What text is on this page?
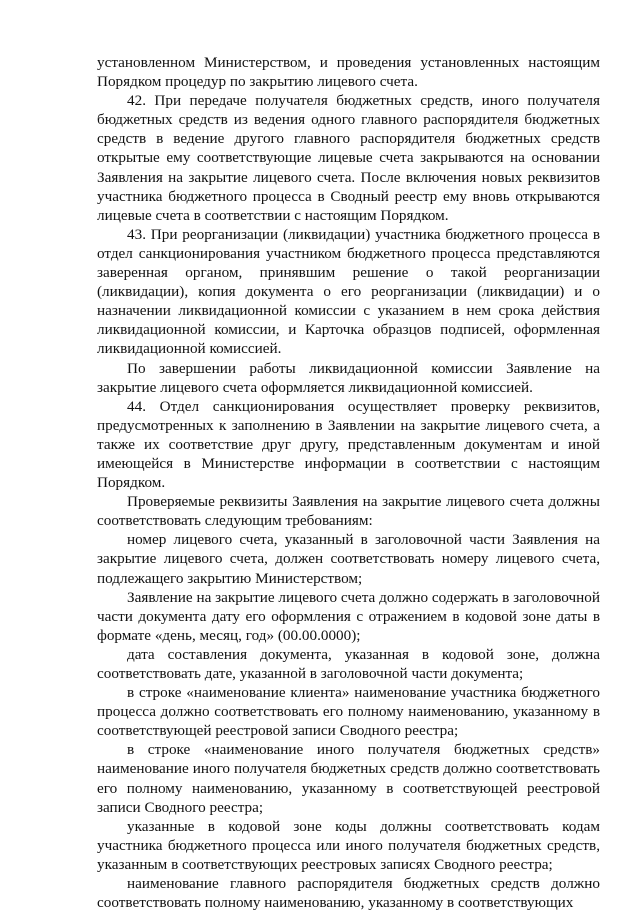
установленном Министерством, и проведения установленных настоящим Порядком процедур по закрытию лицевого счета.

42. При передаче получателя бюджетных средств, иного получателя бюджетных средств из ведения одного главного распорядителя бюджетных средств в ведение другого главного распорядителя бюджетных средств открытые ему соответствующие лицевые счета закрываются на основании Заявления на закрытие лицевого счета. После включения новых реквизитов участника бюджетного процесса в Сводный реестр ему вновь открываются лицевые счета в соответствии с настоящим Порядком.

43. При реорганизации (ликвидации) участника бюджетного процесса в отдел санкционирования участником бюджетного процесса представляются заверенная органом, принявшим решение о такой реорганизации (ликвидации), копия документа о его реорганизации (ликвидации) и о назначении ликвидационной комиссии с указанием в нем срока действия ликвидационной комиссии, и Карточка образцов подписей, оформленная ликвидационной комиссией.

По завершении работы ликвидационной комиссии Заявление на закрытие лицевого счета оформляется ликвидационной комиссией.

44. Отдел санкционирования осуществляет проверку реквизитов, предусмотренных к заполнению в Заявлении на закрытие лицевого счета, а также их соответствие друг другу, представленным документам и иной имеющейся в Министерстве информации в соответствии с настоящим Порядком.

Проверяемые реквизиты Заявления на закрытие лицевого счета должны соответствовать следующим требованиям:

номер лицевого счета, указанный в заголовочной части Заявления на закрытие лицевого счета, должен соответствовать номеру лицевого счета, подлежащего закрытию Министерством;

Заявление на закрытие лицевого счета должно содержать в заголовочной части документа дату его оформления с отражением в кодовой зоне даты в формате «день, месяц, год» (00.00.0000);

дата составления документа, указанная в кодовой зоне, должна соответствовать дате, указанной в заголовочной части документа;

в строке «наименование клиента» наименование участника бюджетного процесса должно соответствовать его полному наименованию, указанному в соответствующей реестровой записи Сводного реестра;

в строке «наименование иного получателя бюджетных средств» наименование иного получателя бюджетных средств должно соответствовать его полному наименованию, указанному в соответствующей реестровой записи Сводного реестра;

указанные в кодовой зоне коды должны соответствовать кодам участника бюджетного процесса или иного получателя бюджетных средств, указанным в соответствующих реестровых записях Сводного реестра;

наименование главного распорядителя бюджетных средств должно соответствовать полному наименованию, указанному в соответствующих
